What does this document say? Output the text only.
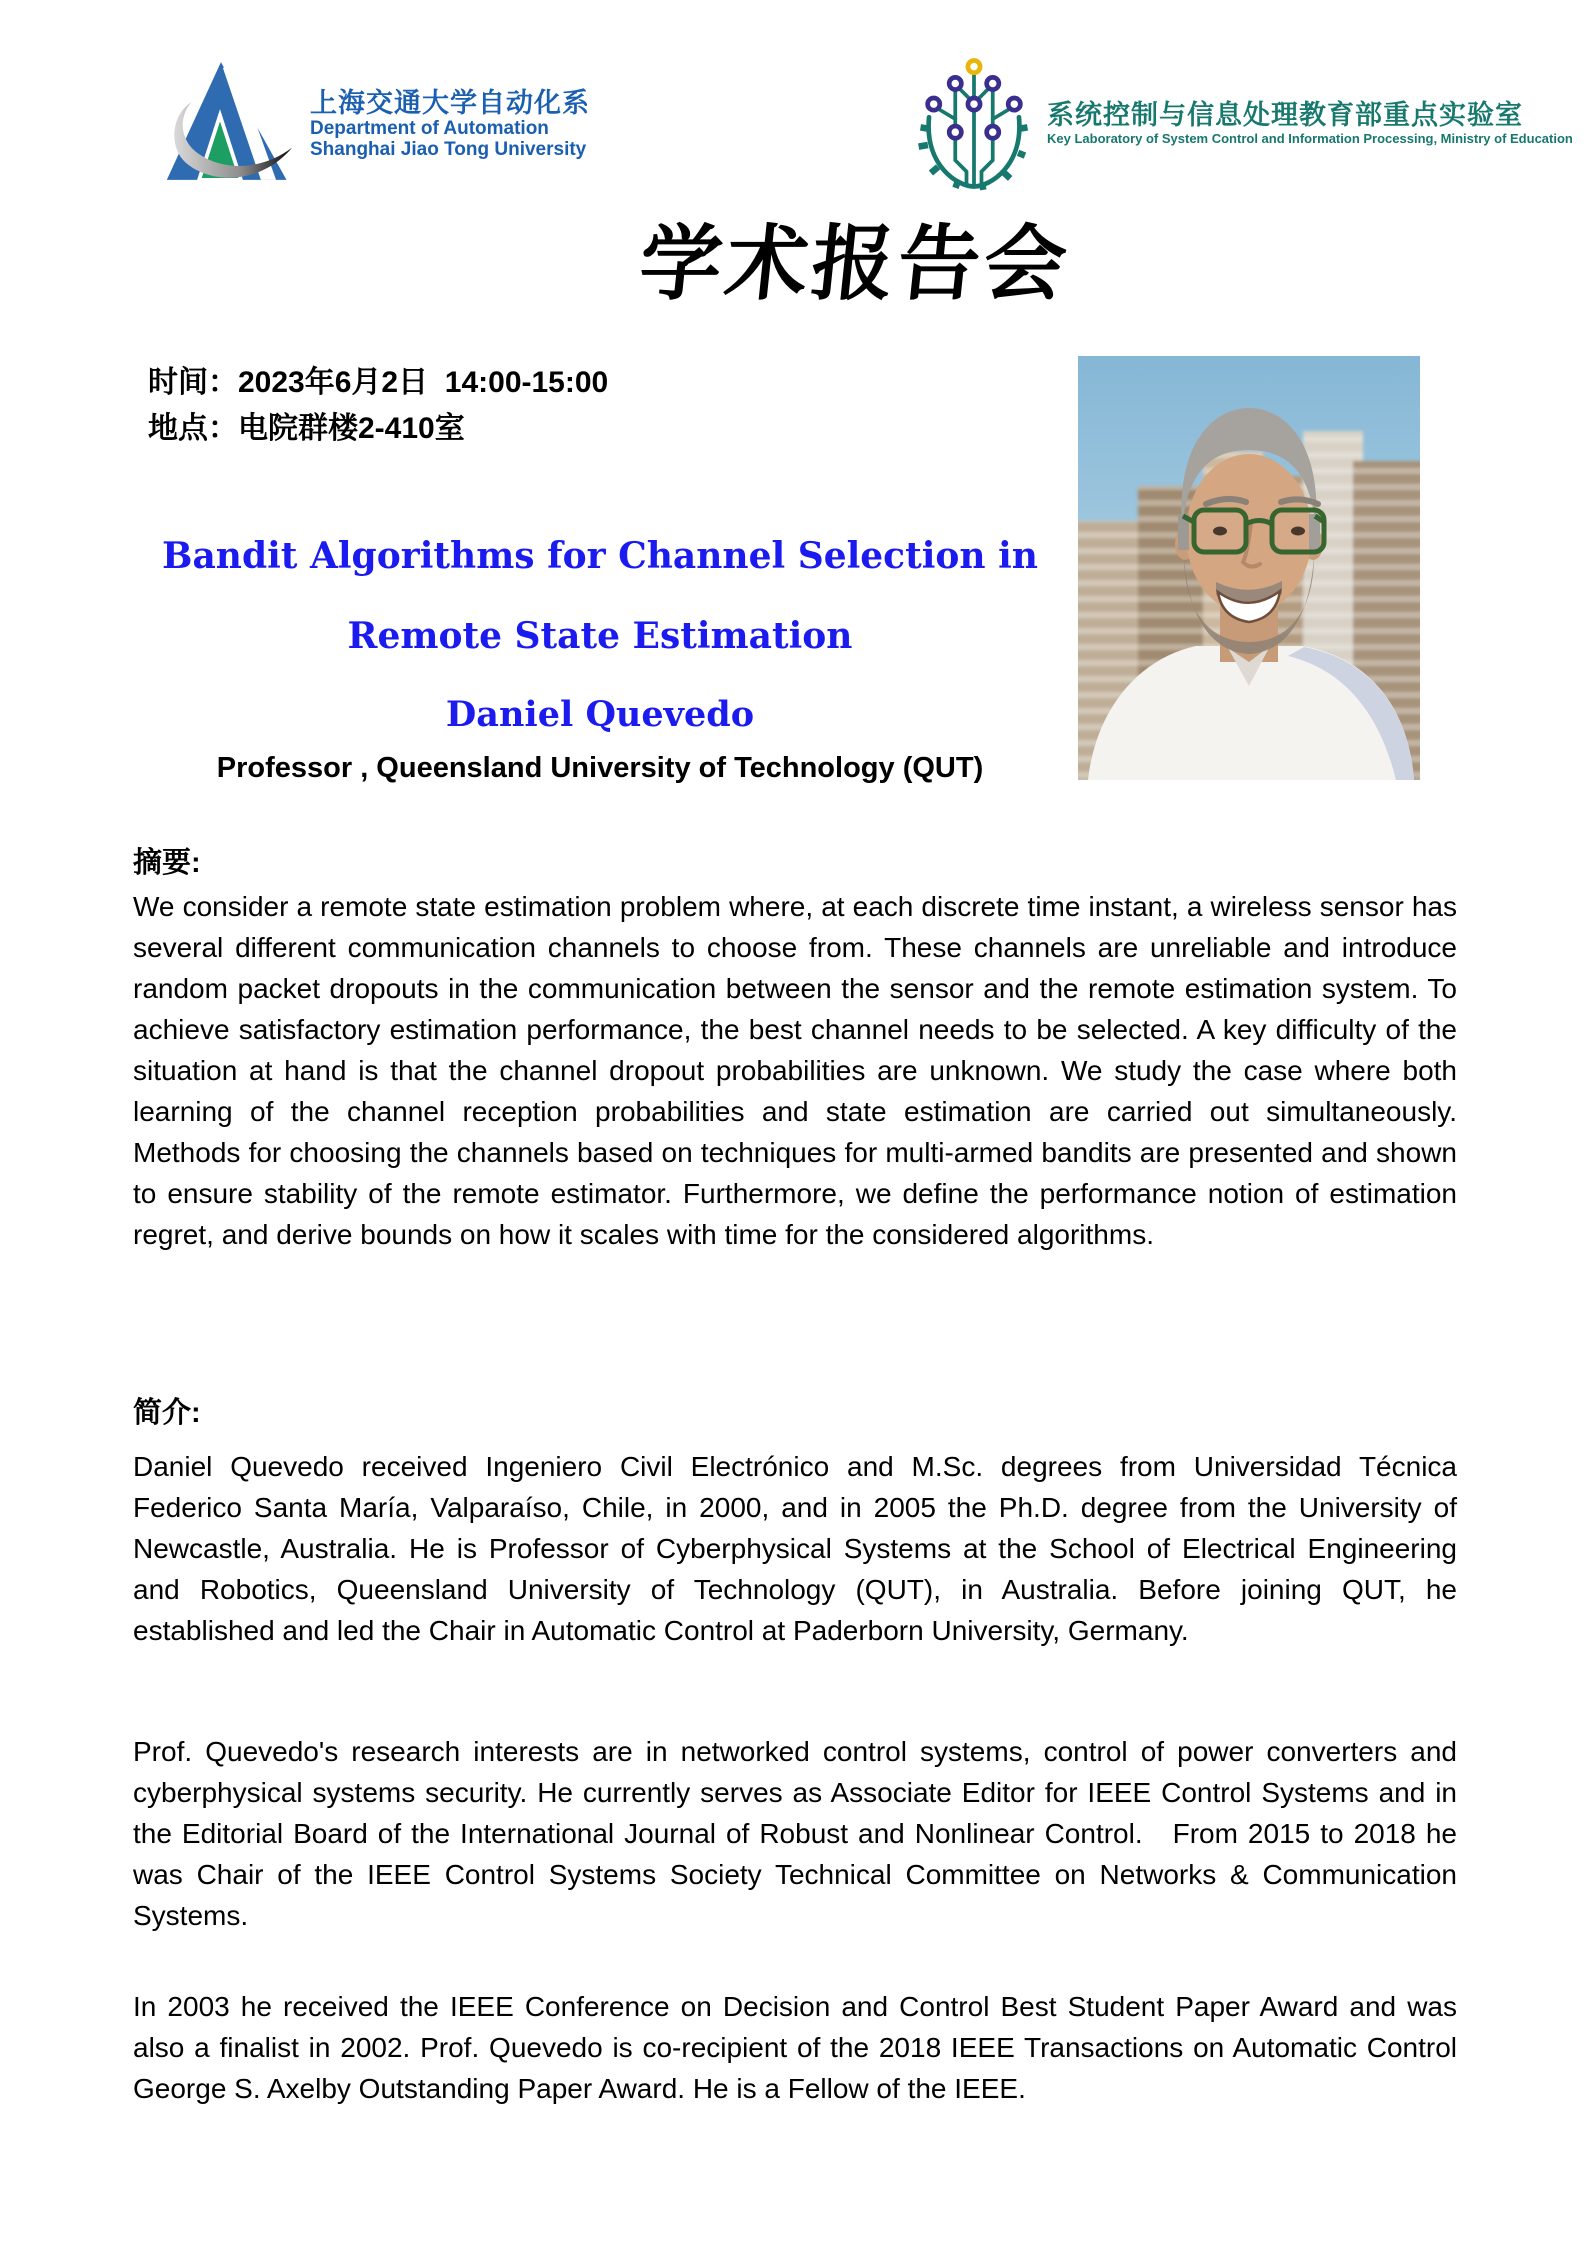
上海交通大学自动化系
Department of Automation
Shanghai Jiao Tong University
系统控制与信息处理教育部重点实验室
Key Laboratory of System Control and Information Processing, Ministry of Education
学术报告会
时间：2023年6月2日  14:00-15:00
地点：电院群楼2-410室
Bandit Algorithms for Channel Selection in
Remote State Estimation
Daniel Quevedo
Professor , Queensland University of Technology (QUT)
摘要:
We consider a remote state estimation problem where, at each discrete time instant, a wireless sensor has several different communication channels to choose from. These channels are unreliable and introduce random packet dropouts in the communication between the sensor and the remote estimation system. To achieve satisfactory estimation performance, the best channel needs to be selected. A key difficulty of the situation at hand is that the channel dropout probabilities are unknown. We study the case where both learning of the channel reception probabilities and state estimation are carried out simultaneously. Methods for choosing the channels based on techniques for multi-armed bandits are presented and shown to ensure stability of the remote estimator. Furthermore, we define the performance notion of estimation regret, and derive bounds on how it scales with time for the considered algorithms.
简介:
Daniel Quevedo received Ingeniero Civil Electrónico and M.Sc. degrees from Universidad Técnica Federico Santa María, Valparaíso, Chile, in 2000, and in 2005 the Ph.D. degree from the University of Newcastle, Australia. He is Professor of Cyberphysical Systems at the School of Electrical Engineering and Robotics, Queensland University of Technology (QUT), in Australia. Before joining QUT, he established and led the Chair in Automatic Control at Paderborn University, Germany.
Prof. Quevedo's research interests are in networked control systems, control of power converters and cyberphysical systems security. He currently serves as Associate Editor for IEEE Control Systems and in the Editorial Board of the International Journal of Robust and Nonlinear Control.   From 2015 to 2018 he was Chair of the IEEE Control Systems Society Technical Committee on Networks & Communication Systems.
In 2003 he received the IEEE Conference on Decision and Control Best Student Paper Award and was also a finalist in 2002. Prof. Quevedo is co-recipient of the 2018 IEEE Transactions on Automatic Control George S. Axelby Outstanding Paper Award. He is a Fellow of the IEEE.
